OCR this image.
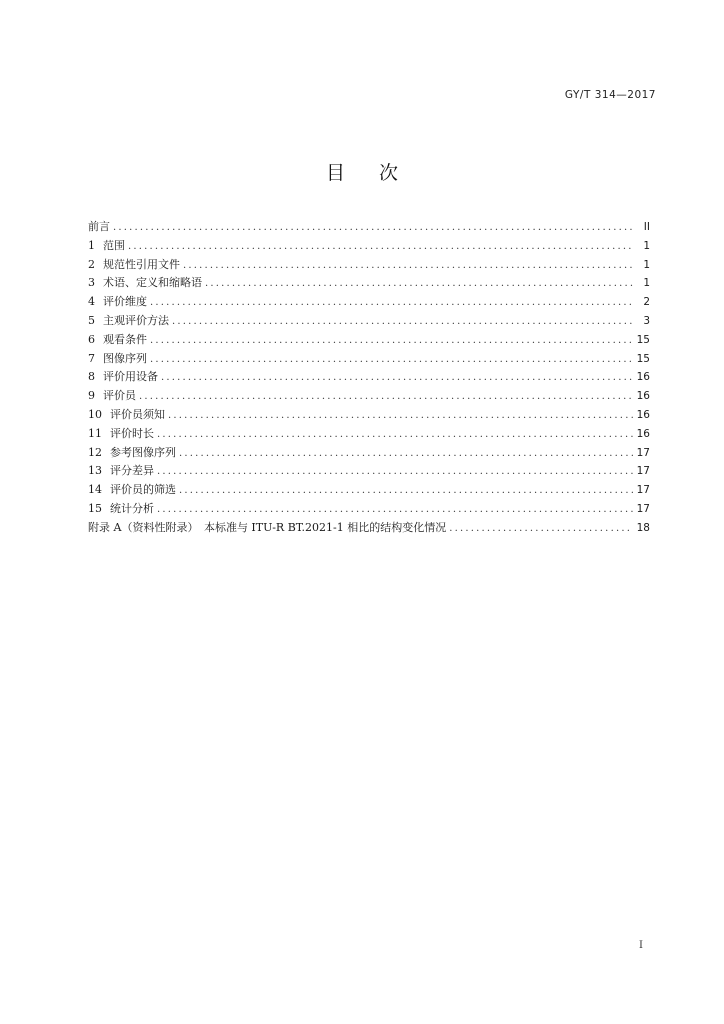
GY/T 314—2017
目 次
前言 .....	II
1 范围 .....	1
2 规范性引用文件 .....	1
3 术语、定义和缩略语 .....	1
4 评价维度 .....	2
5 主观评价方法 .....	3
6 观看条件 .....	15
7 图像序列 .....	15
8 评价用设备 .....	16
9 评价员 .....	16
10 评价员须知 .....	16
11 评价时长 .....	16
12 参考图像序列 .....	17
13 评分差异 .....	17
14 评价员的筛选 .....	17
15 统计分析 .....	17
附录 A（资料性附录）　本标准与 ITU-R BT.2021-1 相比的结构变化情况 .....	18
I
